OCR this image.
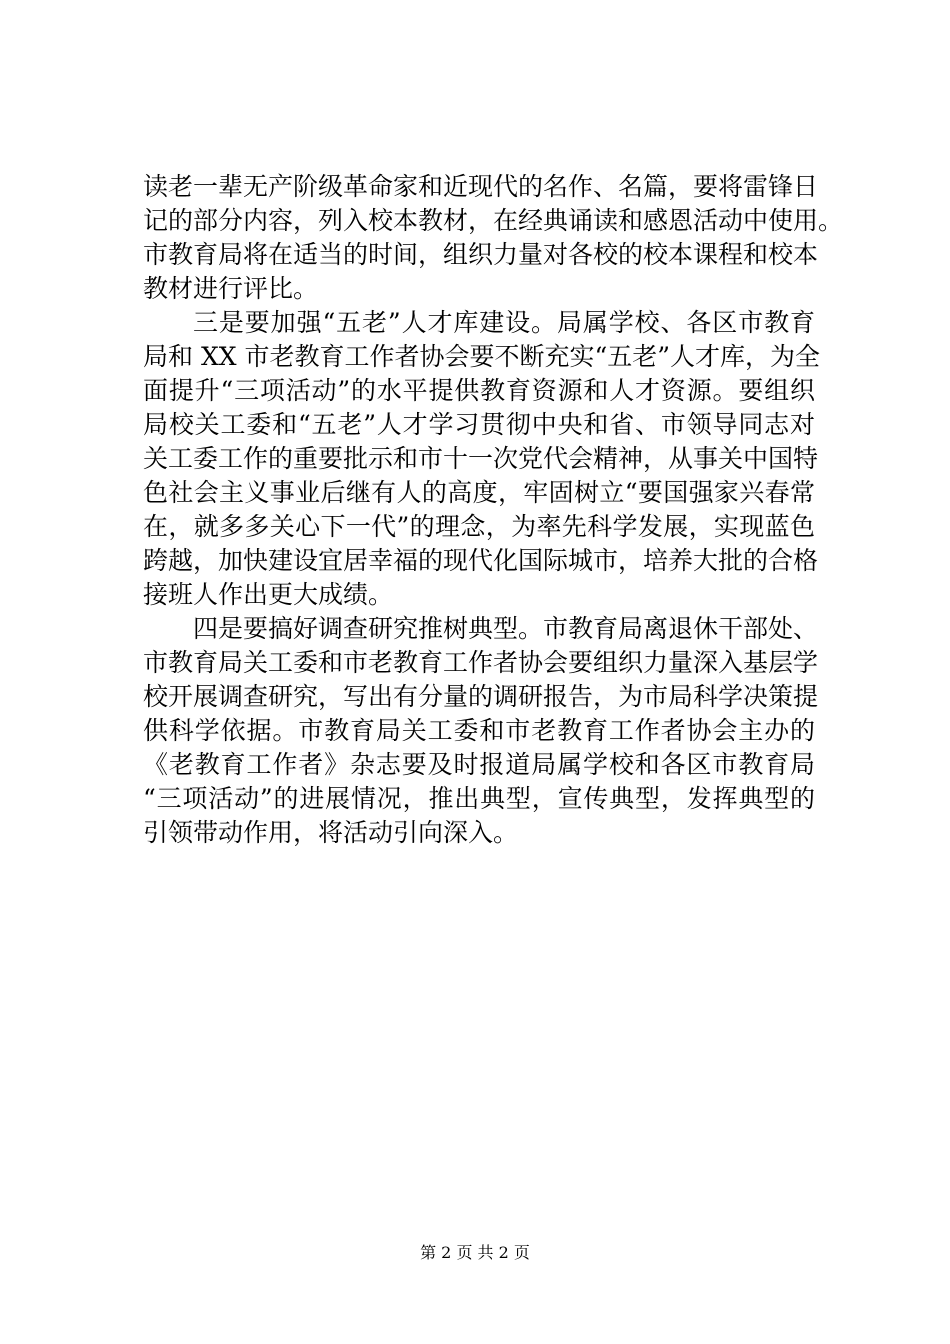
读老一辈无产阶级革命家和近现代的名作、名篇，要将雷锋日
记的部分内容，列入校本教材，在经典诵读和感恩活动中使用。
市教育局将在适当的时间，组织力量对各校的校本课程和校本
教材进行评比。
三是要加强“五老”人才库建设。局属学校、各区市教育
局和 XX 市老教育工作者协会要不断充实“五老”人才库，为全
面提升“三项活动”的水平提供教育资源和人才资源。要组织
局校关工委和“五老”人才学习贯彻中央和省、市领导同志对
关工委工作的重要批示和市十一次党代会精神，从事关中国特
色社会主义事业后继有人的高度，牢固树立“要国强家兴春常
在，就多多关心下一代”的理念，为率先科学发展，实现蓝色
跨越，加快建设宜居幸福的现代化国际城市，培养大批的合格
接班人作出更大成绩。
四是要搞好调查研究推树典型。市教育局离退休干部处、
市教育局关工委和市老教育工作者协会要组织力量深入基层学
校开展调查研究，写出有分量的调研报告，为市局科学决策提
供科学依据。市教育局关工委和市老教育工作者协会主办的
《老教育工作者》杂志要及时报道局属学校和各区市教育局
“三项活动”的进展情况，推出典型，宣传典型，发挥典型的
引领带动作用，将活动引向深入。
第 2 页 共 2 页
